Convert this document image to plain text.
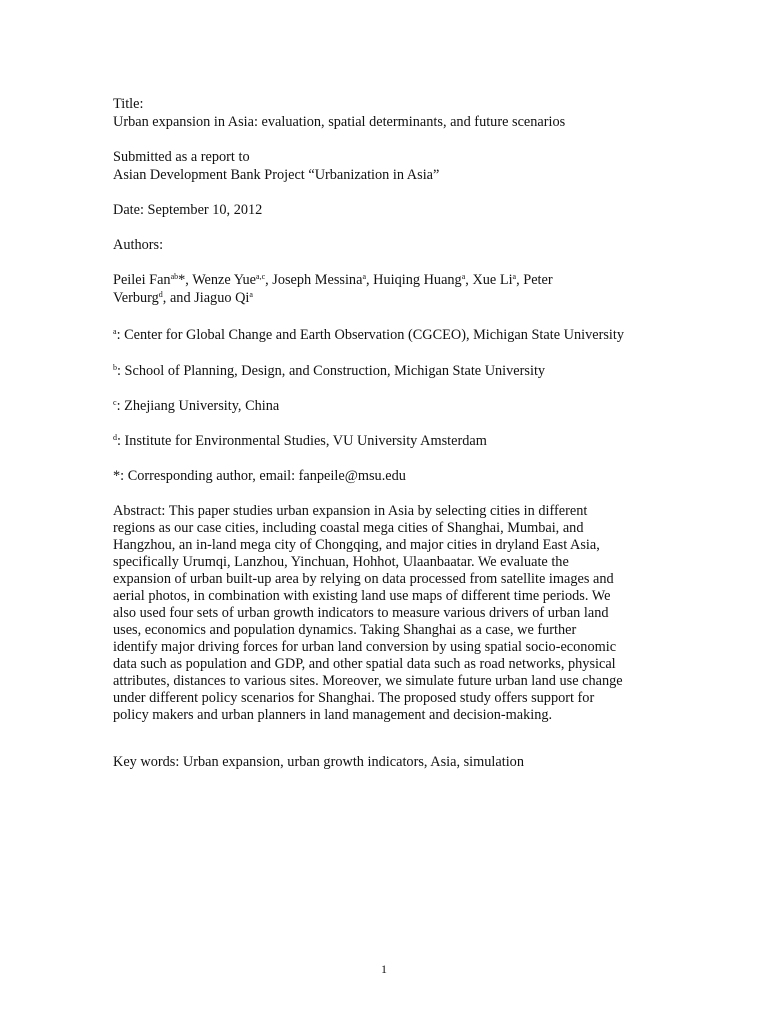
Title:
Urban expansion in Asia: evaluation, spatial determinants, and future scenarios
Submitted as a report to
Asian Development Bank Project “Urbanization in Asia”
Date: September 10, 2012
Authors:
Peilei Fan$^{ab}$*, Wenze Yue$^{a,c}$, Joseph Messina$^a$, Huiqing Huang$^a$, Xue Li$^a$, Peter
Verburg$^d$, and Jiaguo Qi$^a$
$^a$: Center for Global Change and Earth Observation (CGCEO), Michigan State University
$^b$: School of Planning, Design, and Construction, Michigan State University
$^c$: Zhejiang University, China
$^d$: Institute for Environmental Studies, VU University Amsterdam
*: Corresponding author, email: fanpeile@msu.edu
Abstract: This paper studies urban expansion in Asia by selecting cities in different
regions as our case cities, including coastal mega cities of Shanghai, Mumbai, and
Hangzhou, an in-land mega city of Chongqing, and major cities in dryland East Asia,
specifically Urumqi, Lanzhou, Yinchuan, Hohhot, Ulaanbaatar. We evaluate the
expansion of urban built-up area by relying on data processed from satellite images and
aerial photos, in combination with existing land use maps of different time periods. We
also used four sets of urban growth indicators to measure various drivers of urban land
uses, economics and population dynamics. Taking Shanghai as a case, we further
identify major driving forces for urban land conversion by using spatial socio-economic
data such as population and GDP, and other spatial data such as road networks, physical
attributes, distances to various sites. Moreover, we simulate future urban land use change
under different policy scenarios for Shanghai. The proposed study offers support for
policy makers and urban planners in land management and decision-making.
Key words: Urban expansion, urban growth indicators, Asia, simulation
1
